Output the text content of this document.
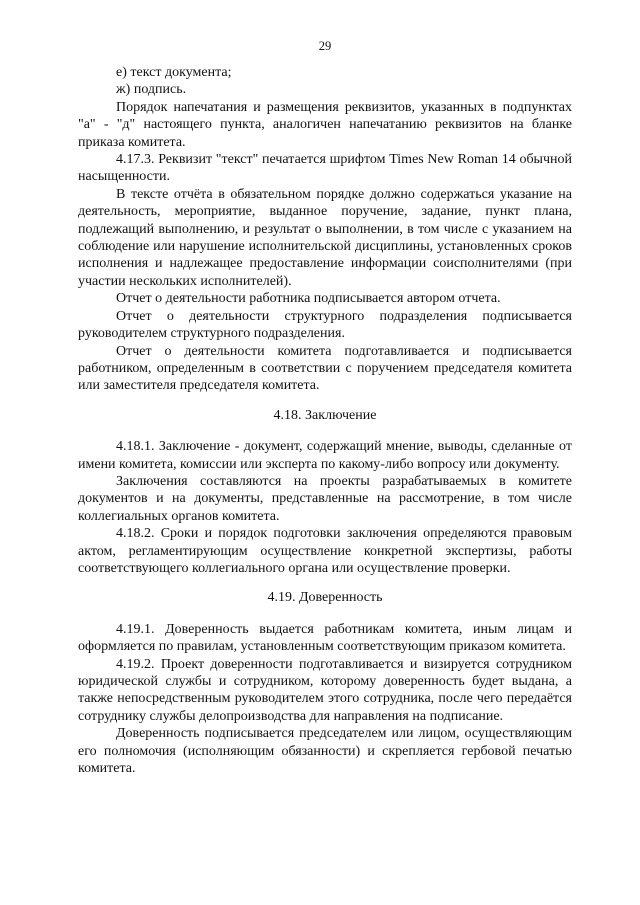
29

е) текст документа;

ж) подпись.

Порядок напечатания и размещения реквизитов, указанных в подпунктах "а" - "д" настоящего пункта, аналогичен напечатанию реквизитов на бланке приказа комитета.

4.17.3. Реквизит "текст" печатается шрифтом Times New Roman 14 обычной насыщенности.

В тексте отчёта в обязательном порядке должно содержаться указание на деятельность, мероприятие, выданное поручение, задание, пункт плана, подлежащий выполнению, и результат о выполнении, в том числе с указанием на соблюдение или нарушение исполнительской дисциплины, установленных сроков исполнения и надлежащее предоставление информации соисполнителями (при участии нескольких исполнителей).

Отчет о деятельности работника подписывается автором отчета.

Отчет о деятельности структурного подразделения подписывается руководителем структурного подразделения.

Отчет о деятельности комитета подготавливается и подписывается работником, определенным в соответствии с поручением председателя комитета или заместителя председателя комитета.

4.18. Заключение

4.18.1. Заключение - документ, содержащий мнение, выводы, сделанные от имени комитета, комиссии или эксперта по какому-либо вопросу или документу.

Заключения составляются на проекты разрабатываемых в комитете документов и на документы, представленные на рассмотрение, в том числе коллегиальных органов комитета.

4.18.2. Сроки и порядок подготовки заключения определяются правовым актом, регламентирующим осуществление конкретной экспертизы, работы соответствующего коллегиального органа или осуществление проверки.

4.19. Доверенность

4.19.1. Доверенность выдается работникам комитета, иным лицам и оформляется по правилам, установленным соответствующим приказом комитета.

4.19.2. Проект доверенности подготавливается и визируется сотрудником юридической службы и сотрудником, которому доверенность будет выдана, а также непосредственным руководителем этого сотрудника, после чего передаётся сотруднику службы делопроизводства для направления на подписание.

Доверенность подписывается председателем или лицом, осуществляющим его полномочия (исполняющим обязанности) и скрепляется гербовой печатью комитета.
